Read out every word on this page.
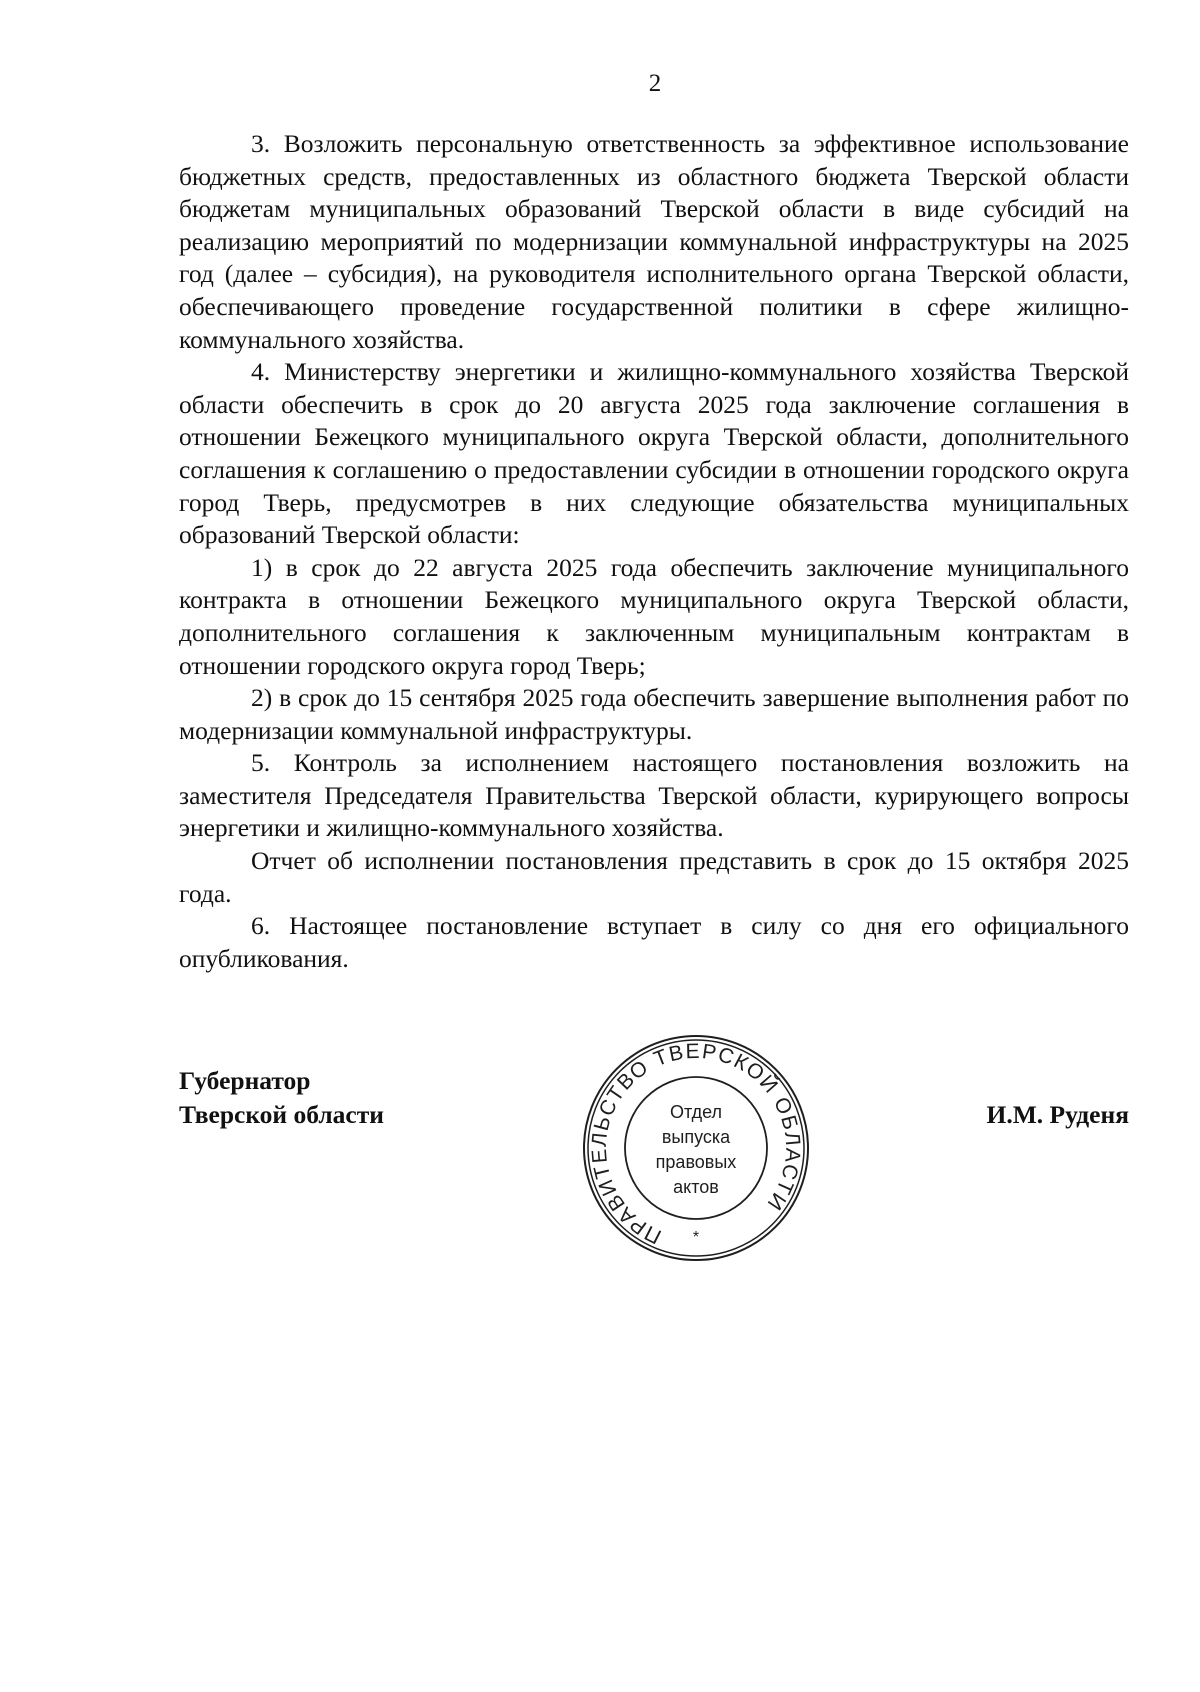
2

3. Возложить персональную ответственность за эффективное использование бюджетных средств, предоставленных из областного бюджета Тверской области бюджетам муниципальных образований Тверской области в виде субсидий на реализацию мероприятий по модернизации коммунальной инфраструктуры на 2025 год (далее – субсидия), на руководителя исполнительного органа Тверской области, обеспечивающего проведение государственной политики в сфере жилищно-коммунального хозяйства.

4. Министерству энергетики и жилищно-коммунального хозяйства Тверской области обеспечить в срок до 20 августа 2025 года заключение соглашения в отношении Бежецкого муниципального округа Тверской области, дополнительного соглашения к соглашению о предоставлении субсидии в отношении городского округа город Тверь, предусмотрев в них следующие обязательства муниципальных образований Тверской области:

1) в срок до 22 августа 2025 года обеспечить заключение муниципального контракта в отношении Бежецкого муниципального округа Тверской области, дополнительного соглашения к заключенным муниципальным контрактам в отношении городского округа город Тверь;

2) в срок до 15 сентября 2025 года обеспечить завершение выполнения работ по модернизации коммунальной инфраструктуры.

5. Контроль за исполнением настоящего постановления возложить на заместителя Председателя Правительства Тверской области, курирующего вопросы энергетики и жилищно-коммунального хозяйства.

Отчет об исполнении постановления представить в срок до 15 октября 2025 года.

6. Настоящее постановление вступает в силу со дня его официального опубликования.

Губернатор
Тверской области
ПРАВИТЕЛЬСТВО ТВЕРСКОЙ ОБЛАСТИ
*
Отдел
выпуска
правовых
актов
И.М. Руденя
